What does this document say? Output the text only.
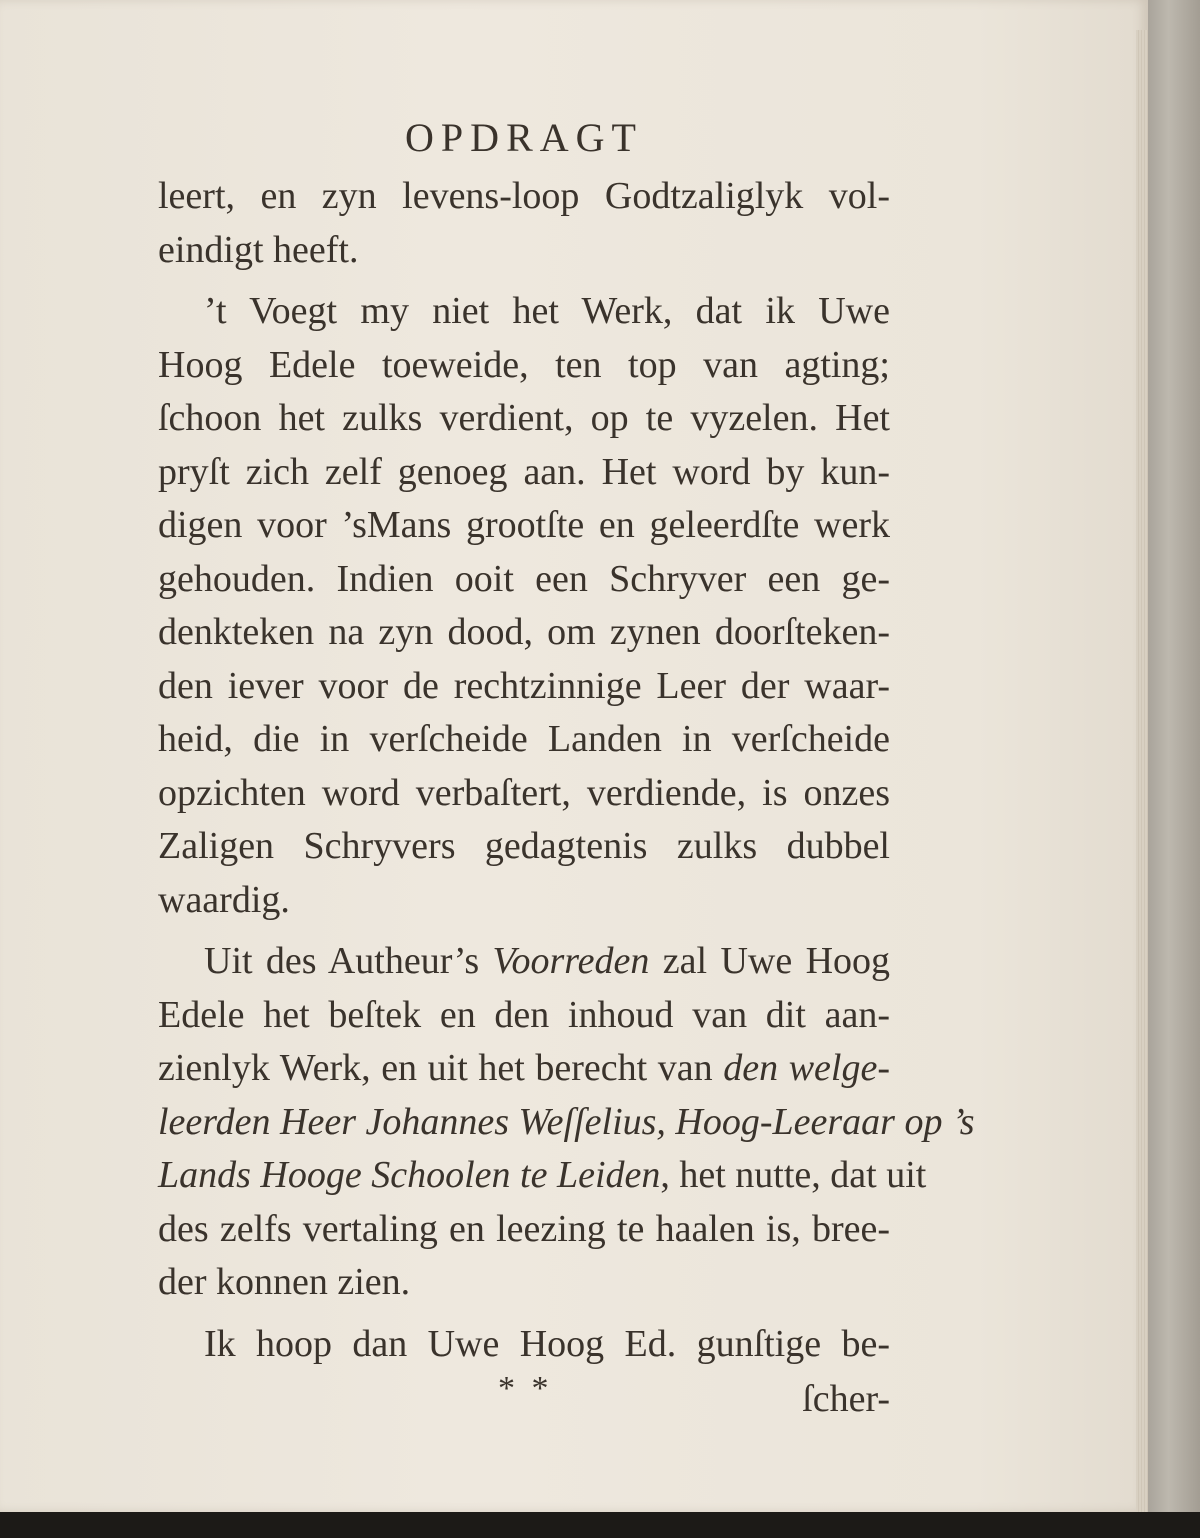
OPDRAGT
leert, en zyn levens-loop Godtzaliglyk vol-
eindigt heeft.
’t Voegt my niet het Werk, dat ik Uwe
Hoog Edele toeweide, ten top van agting;
ſchoon het zulks verdient, op te vyzelen. Het
pryſt zich zelf genoeg aan. Het word by kun-
digen voor ’sMans grootſte en geleerdſte werk
gehouden. Indien ooit een Schryver een ge-
denkteken na zyn dood, om zynen doorſteken-
den iever voor de rechtzinnige Leer der waar-
heid, die in verſcheide Landen in verſcheide
opzichten word verbaſtert, verdiende, is onzes
Zaligen Schryvers gedagtenis zulks dubbel
waardig.
Uit des Autheur’s Voorreden zal Uwe Hoog
Edele het beſtek en den inhoud van dit aan-
zienlyk Werk, en uit het berecht van den welge-
leerden Heer Johannes Weſſelius, Hoog-Leeraar op ’s
Lands Hooge Schoolen te Leiden, het nutte, dat uit
des zelfs vertaling en leezing te haalen is, bree-
der konnen zien.
Ik hoop dan Uwe Hoog Ed. gunſtige be-
* *	ſcher-
